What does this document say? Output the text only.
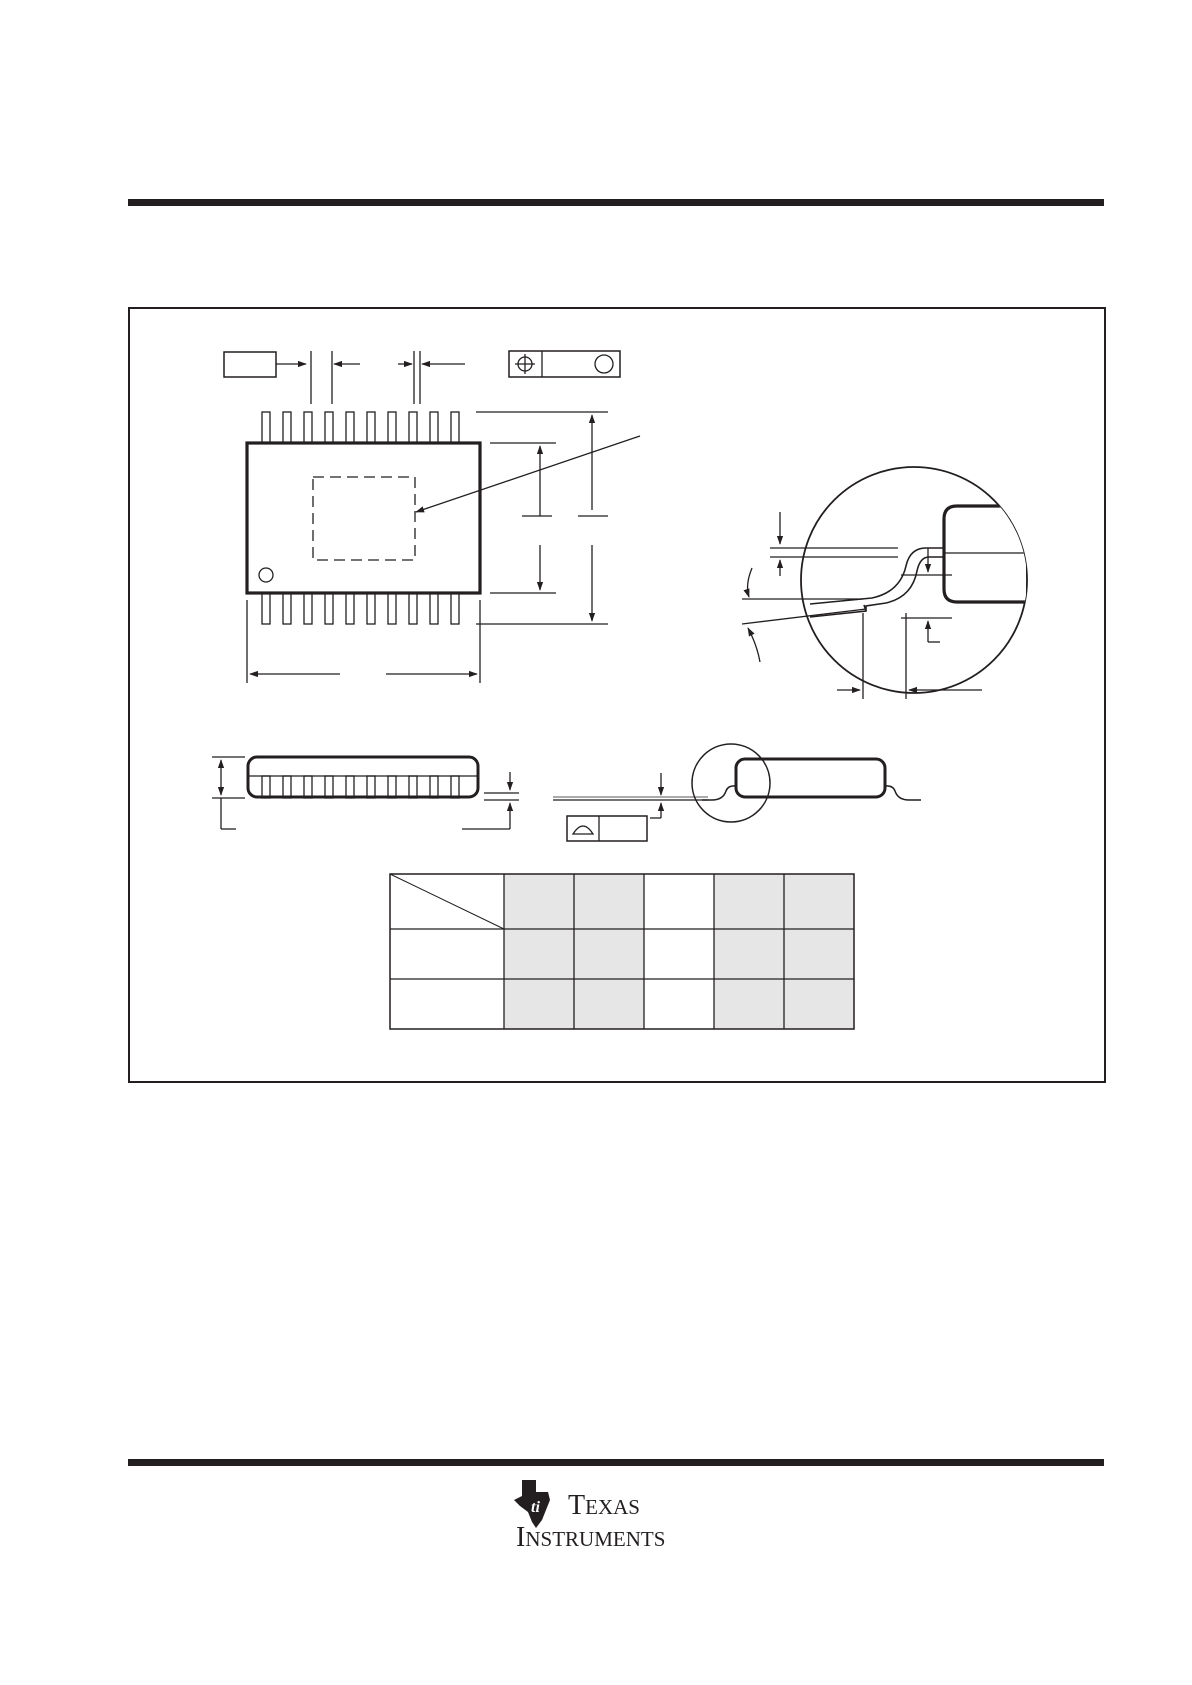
ti TEXAS
INSTRUMENTS
